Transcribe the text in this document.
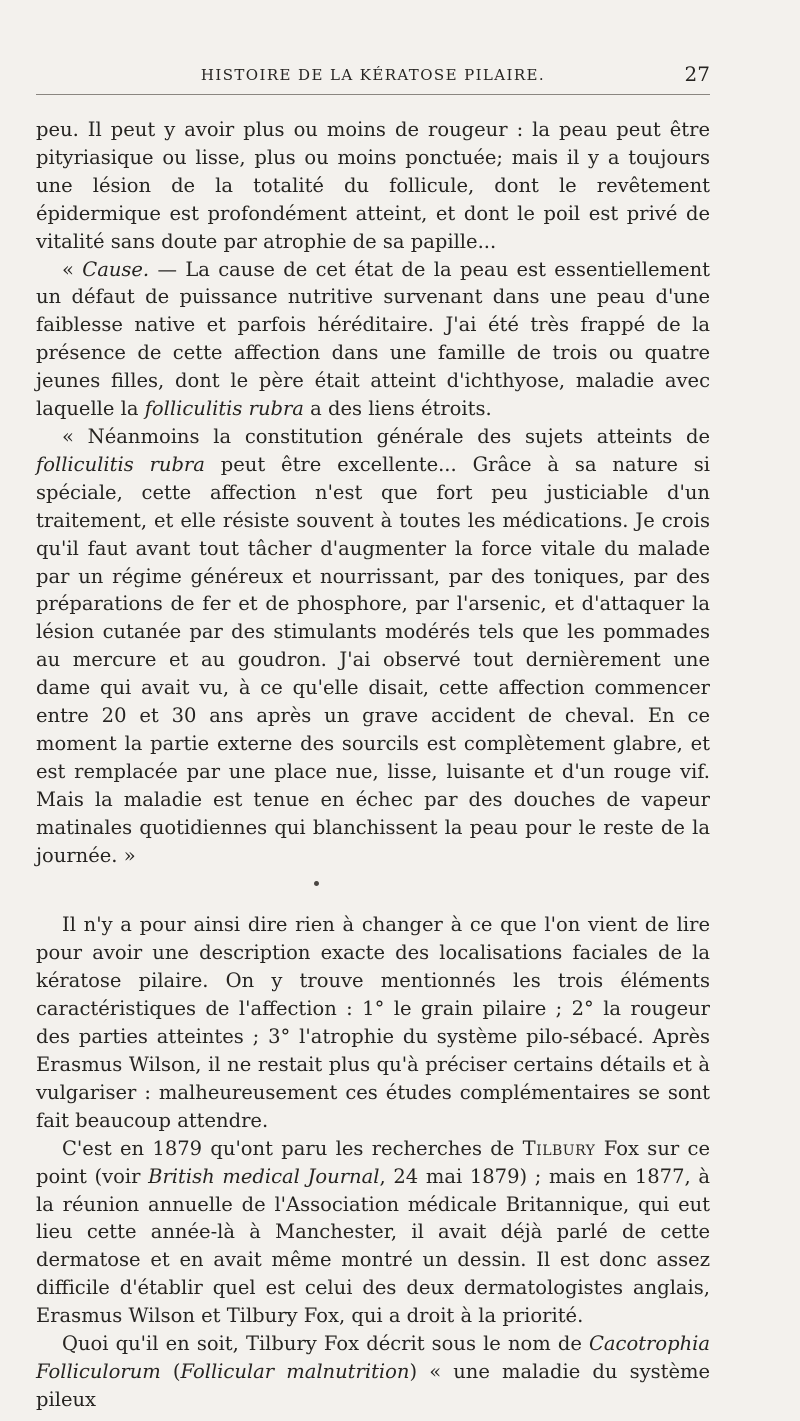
HISTOIRE DE LA KÉRATOSE PILAIRE.	27

peu. Il peut y avoir plus ou moins de rougeur : la peau peut être pityriasique ou lisse, plus ou moins ponctuée; mais il y a toujours une lésion de la totalité du follicule, dont le revêtement épidermique est profondément atteint, et dont le poil est privé de vitalité sans doute par atrophie de sa papille...

« Cause. — La cause de cet état de la peau est essentiellement un défaut de puissance nutritive survenant dans une peau d'une faiblesse native et parfois héréditaire. J'ai été très frappé de la présence de cette affection dans une famille de trois ou quatre jeunes filles, dont le père était atteint d'ichthyose, maladie avec laquelle la folliculitis rubra a des liens étroits.

« Néanmoins la constitution générale des sujets atteints de folliculitis rubra peut être excellente... Grâce à sa nature si spéciale, cette affection n'est que fort peu justiciable d'un traitement, et elle résiste souvent à toutes les médications. Je crois qu'il faut avant tout tâcher d'augmenter la force vitale du malade par un régime généreux et nourrissant, par des toniques, par des préparations de fer et de phosphore, par l'arsenic, et d'attaquer la lésion cutanée par des stimulants modérés tels que les pommades au mercure et au goudron. J'ai observé tout dernièrement une dame qui avait vu, à ce qu'elle disait, cette affection commencer entre 20 et 30 ans après un grave accident de cheval. En ce moment la partie externe des sourcils est complètement glabre, et est remplacée par une place nue, lisse, luisante et d'un rouge vif. Mais la maladie est tenue en échec par des douches de vapeur matinales quotidiennes qui blanchissent la peau pour le reste de la journée. »

Il n'y a pour ainsi dire rien à changer à ce que l'on vient de lire pour avoir une description exacte des localisations faciales de la kératose pilaire. On y trouve mentionnés les trois éléments caractéristiques de l'affection : 1° le grain pilaire ; 2° la rougeur des parties atteintes ; 3° l'atrophie du système pilo-sébacé. Après Erasmus Wilson, il ne restait plus qu'à préciser certains détails et à vulgariser : malheureusement ces études complémentaires se sont fait beaucoup attendre.

C'est en 1879 qu'ont paru les recherches de Tilbury Fox sur ce point (voir British medical Journal, 24 mai 1879) ; mais en 1877, à la réunion annuelle de l'Association médicale Britannique, qui eut lieu cette année-là à Manchester, il avait déjà parlé de cette dermatose et en avait même montré un dessin. Il est donc assez difficile d'établir quel est celui des deux dermatologistes anglais, Erasmus Wilson et Tilbury Fox, qui a droit à la priorité.

Quoi qu'il en soit, Tilbury Fox décrit sous le nom de Cacotrophia Folliculorum (Follicular malnutrition) « une maladie du système pileux
